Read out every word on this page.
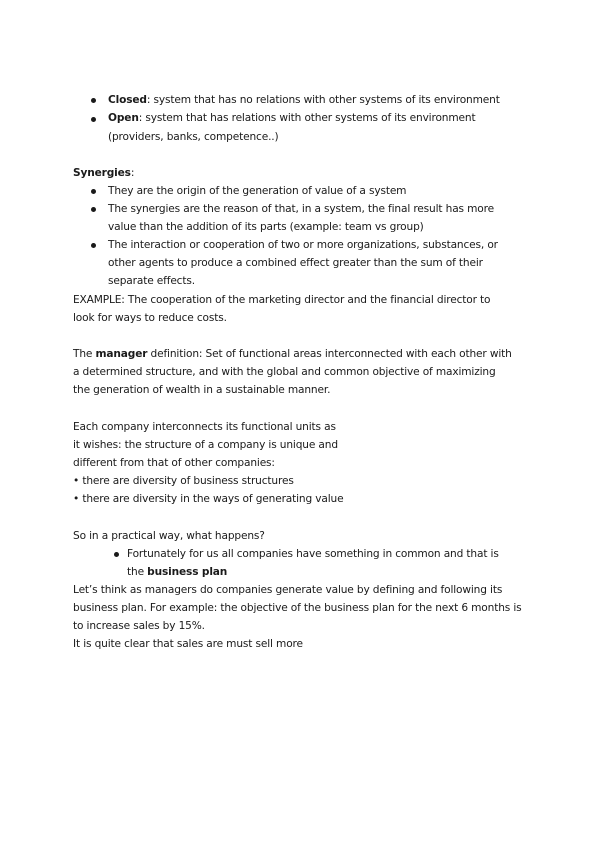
Closed: system that has no relations with other systems of its environment
Open: system that has relations with other systems of its environment
(providers, banks, competence..)
Synergies:
They are the origin of the generation of value of a system
The synergies are the reason of that, in a system, the final result has more
value than the addition of its parts (example: team vs group)
The interaction or cooperation of two or more organizations, substances, or
other agents to produce a combined effect greater than the sum of their
separate effects.
EXAMPLE: The cooperation of the marketing director and the financial director to
look for ways to reduce costs.
The manager definition: Set of functional areas interconnected with each other with
a determined structure, and with the global and common objective of maximizing
the generation of wealth in a sustainable manner.
Each company interconnects its functional units as
it wishes: the structure of a company is unique and
different from that of other companies:
• there are diversity of business structures
• there are diversity in the ways of generating value
So in a practical way, what happens?
Fortunately for us all companies have something in common and that is
the business plan
Let’s think as managers do companies generate value by defining and following its
business plan. For example: the objective of the business plan for the next 6 months is
to increase sales by 15%.
It is quite clear that sales are must sell more
